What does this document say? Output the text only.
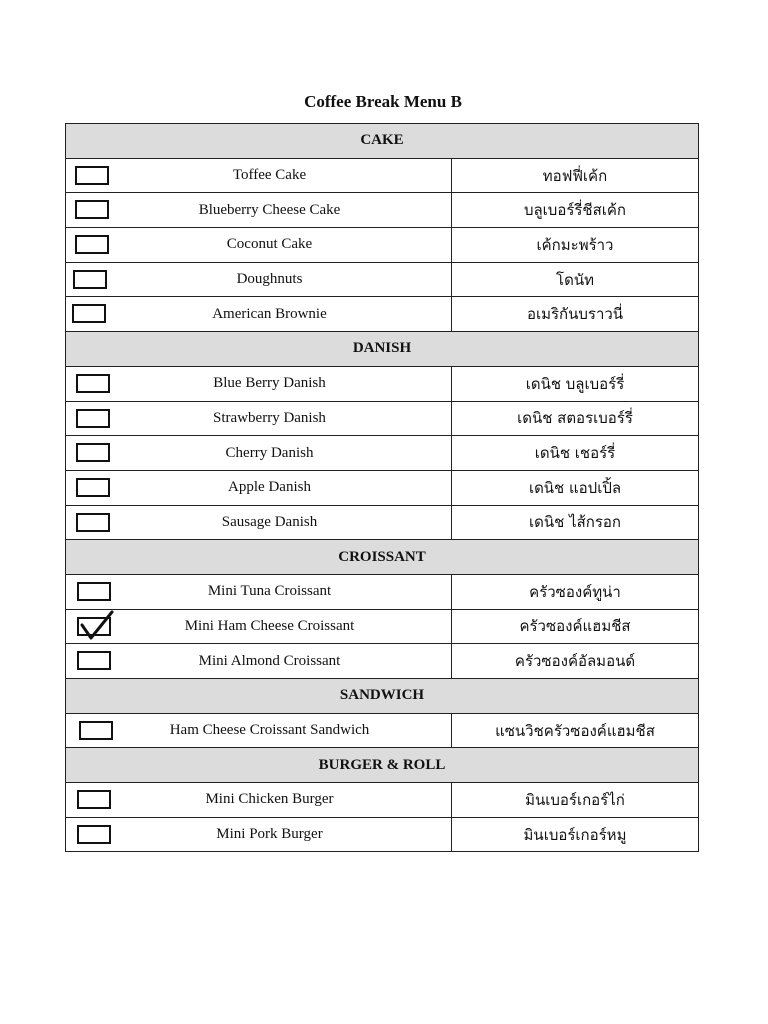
Coffee Break Menu B
CAKE	

Toffee Cake	ทอฟฟี่เค้ก

Blueberry Cheese Cake	บลูเบอร์รี่ชีสเค้ก

Coconut Cake	เค้กมะพร้าว

Doughnuts	โดนัท

American Brownie	อเมริกันบราวนี่
DANISH	

Blue Berry Danish	เดนิช บลูเบอร์รี่

Strawberry Danish	เดนิช สตอรเบอร์รี่

Cherry Danish	เดนิช เชอร์รี่

Apple Danish	เดนิช แอปเปิ้ล

Sausage Danish	เดนิช ไส้กรอก
CROISSANT	

Mini Tuna Croissant	ครัวซองค์ทูน่า

Mini Ham Cheese Croissant	ครัวซองค์แฮมชีส

Mini Almond Croissant	ครัวซองค์อัลมอนด์
SANDWICH	

Ham Cheese Croissant Sandwich	แซนวิชครัวซองค์แฮมชีส
BURGER & ROLL	

Mini Chicken Burger	มินเบอร์เกอร์ไก่

Mini Pork Burger	มินเบอร์เกอร์หมู
